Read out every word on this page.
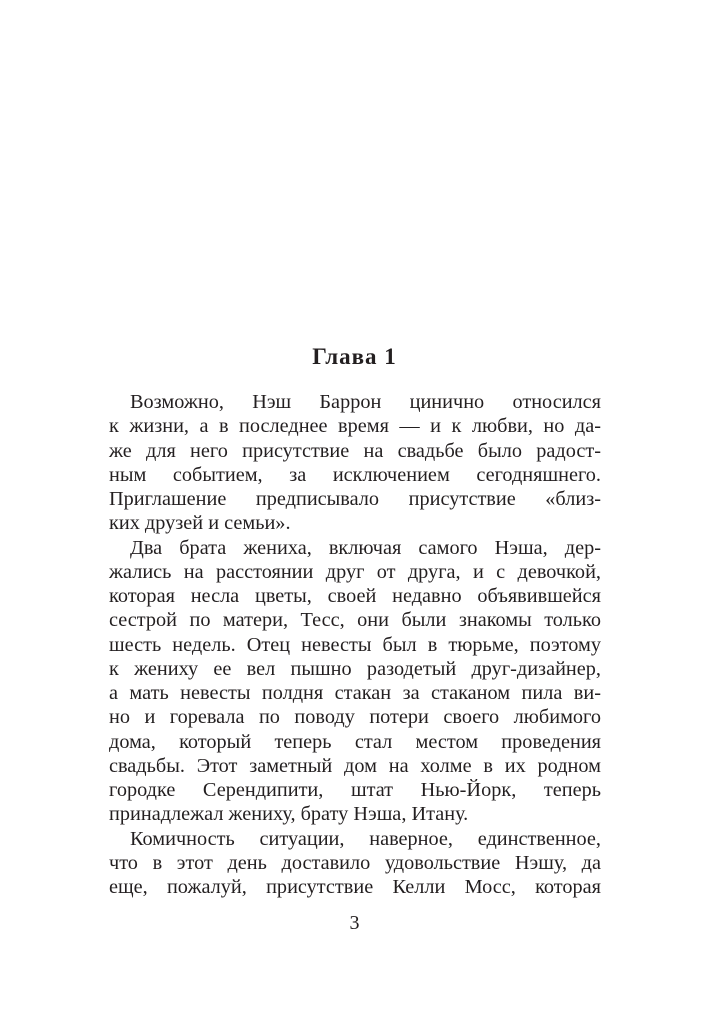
Глава 1
Возможно, Нэш Баррон цинично относился
к жизни, а в последнее время — и к любви, но да-
же для него присутствие на свадьбе было радост-
ным событием, за исключением сегодняшнего.
Приглашение предписывало присутствие «близ-
ких друзей и семьи».
Два брата жениха, включая самого Нэша, дер-
жались на расстоянии друг от друга, и с девочкой,
которая несла цветы, своей недавно объявившейся
сестрой по матери, Тесс, они были знакомы только
шесть недель. Отец невесты был в тюрьме, поэтому
к жениху ее вел пышно разодетый друг-дизайнер,
а мать невесты полдня стакан за стаканом пила ви-
но и горевала по поводу потери своего любимого
дома, который теперь стал местом проведения
свадьбы. Этот заметный дом на холме в их родном
городке Серендипити, штат Нью-Йорк, теперь
принадлежал жениху, брату Нэша, Итану.
Комичность ситуации, наверное, единственное,
что в этот день доставило удовольствие Нэшу, да
еще, пожалуй, присутствие Келли Мосс, которая
3
